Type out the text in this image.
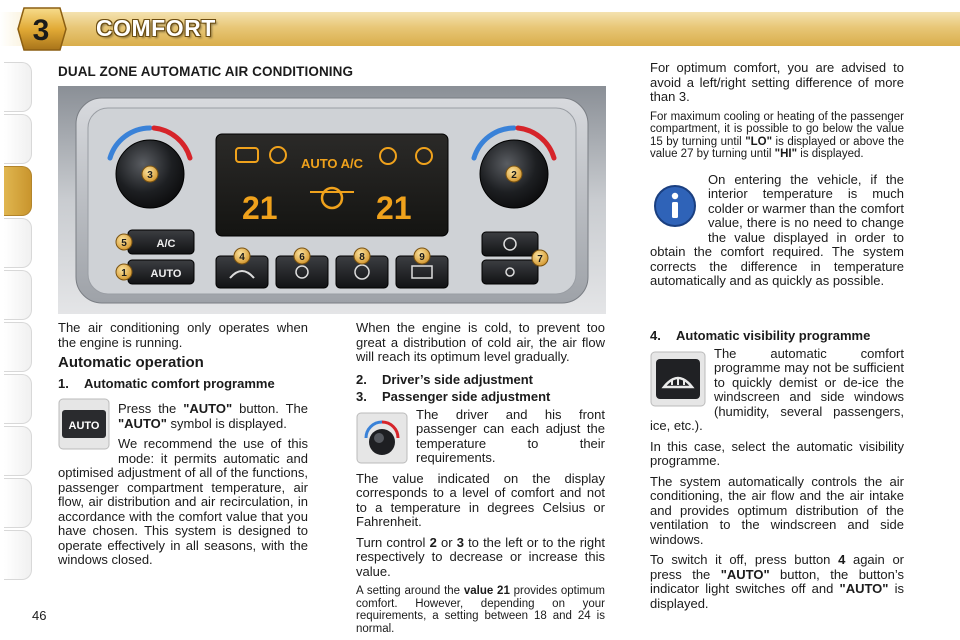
3 COMFORT
46
DUAL ZONE AUTOMATIC AIR CONDITIONING
AUTO A/C
21	21
A/C
AUTO
3	2
5
1
4	6	8	9	7

The air conditioning only operates when the engine is running.

Automatic operation
1.	Automatic comfort programme
AUTO

Press the "AUTO" button. The "AUTO" symbol is displayed.

We recommend the use of this mode: it permits automatic and optimised adjustment of all of the functions, passenger compartment temperature, air flow, air distribution and air recirculation, in accordance with the comfort value that you have chosen. This system is designed to operate effectively in all seasons, with the windows closed.

When the engine is cold, to prevent too great a distribution of cold air, the air flow will reach its optimum level gradually.

2.	Driver’s side adjustment
3.	Passenger side adjustment

The driver and his front passenger can each adjust the temperature to their requirements.

The value indicated on the display corresponds to a level of comfort and not to a temperature in degrees Celsius or Fahrenheit.

Turn control 2 or 3 to the left or to the right respectively to decrease or increase this value.

A setting around the value 21 provides optimum comfort. However, depending on your requirements, a setting between 18 and 24 is normal.

For optimum comfort, you are advised to avoid a left/right setting difference of more than 3.

For maximum cooling or heating of the passenger compartment, it is possible to go below the value 15 by turning until "LO" is displayed or above the value 27 by turning until "HI" is displayed.

On entering the vehicle, if the interior temperature is much colder or warmer than the comfort value, there is no need to change the value displayed in order to obtain the comfort required. The system corrects the difference in temperature automatically and as quickly as possible.

4.	Automatic visibility programme

The automatic comfort programme may not be sufficient to quickly demist or de-ice the windscreen and side windows (humidity, several passengers, ice, etc.).

In this case, select the automatic visibility programme.

The system automatically controls the air conditioning, the air flow and the air intake and provides optimum distribution of the ventilation to the windscreen and side windows.

To switch it off, press button 4 again or press the "AUTO" button, the button’s indicator light switches off and "AUTO" is displayed.
